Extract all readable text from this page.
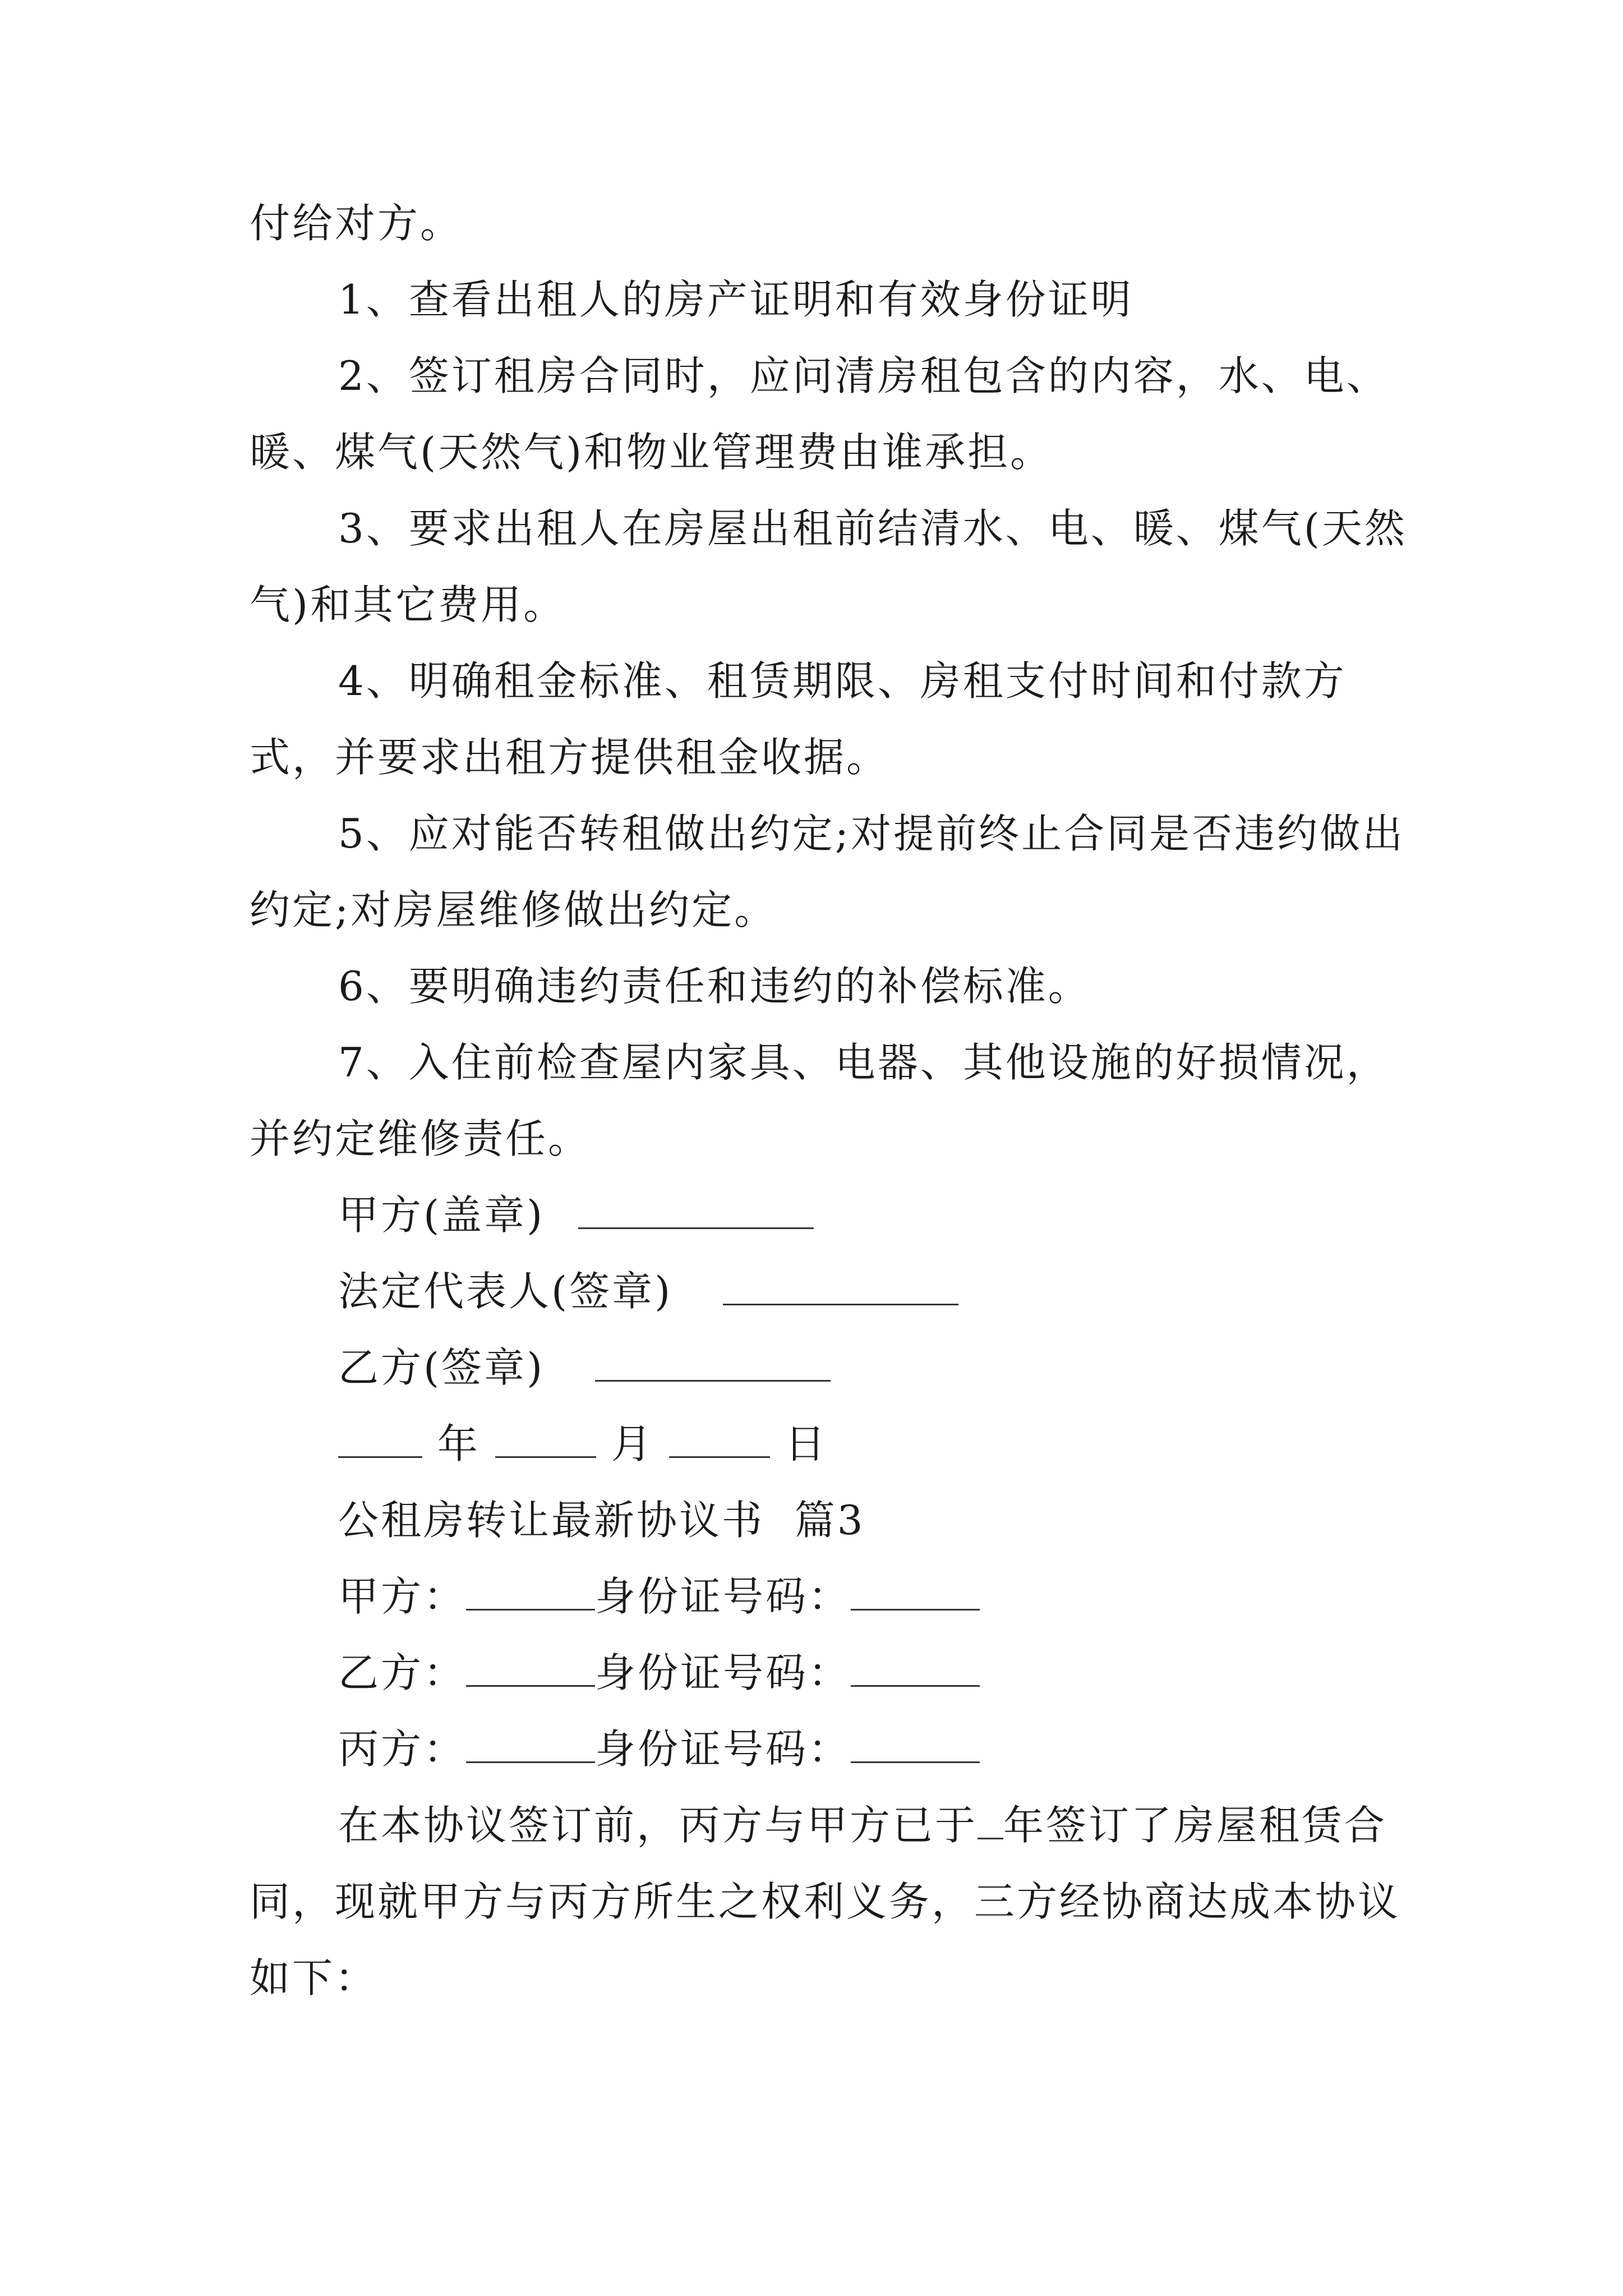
付给对方。

1、查看出租人的房产证明和有效身份证明

2、签订租房合同时，应问清房租包含的内容，水、电、暖、煤气(天然气)和物业管理费由谁承担。

3、要求出租人在房屋出租前结清水、电、暖、煤气(天然气)和其它费用。

4、明确租金标准、租赁期限、房租支付时间和付款方式，并要求出租方提供租金收据。

5、应对能否转租做出约定;对提前终止合同是否违约做出约定;对房屋维修做出约定。

6、要明确违约责任和违约的补偿标准。

7、入住前检查屋内家具、电器、其他设施的好损情况，并约定维修责任。

甲方(盖章)

法定代表人(签章)

乙方(签章)

年	月	日

公租房转让最新协议书  篇3

甲方：	身份证号码：

乙方：	身份证号码：

丙方：	身份证号码：

在本协议签订前，丙方与甲方已于 年签订了房屋租赁合同，现就甲方与丙方所生之权利义务，三方经协商达成本协议如下：
